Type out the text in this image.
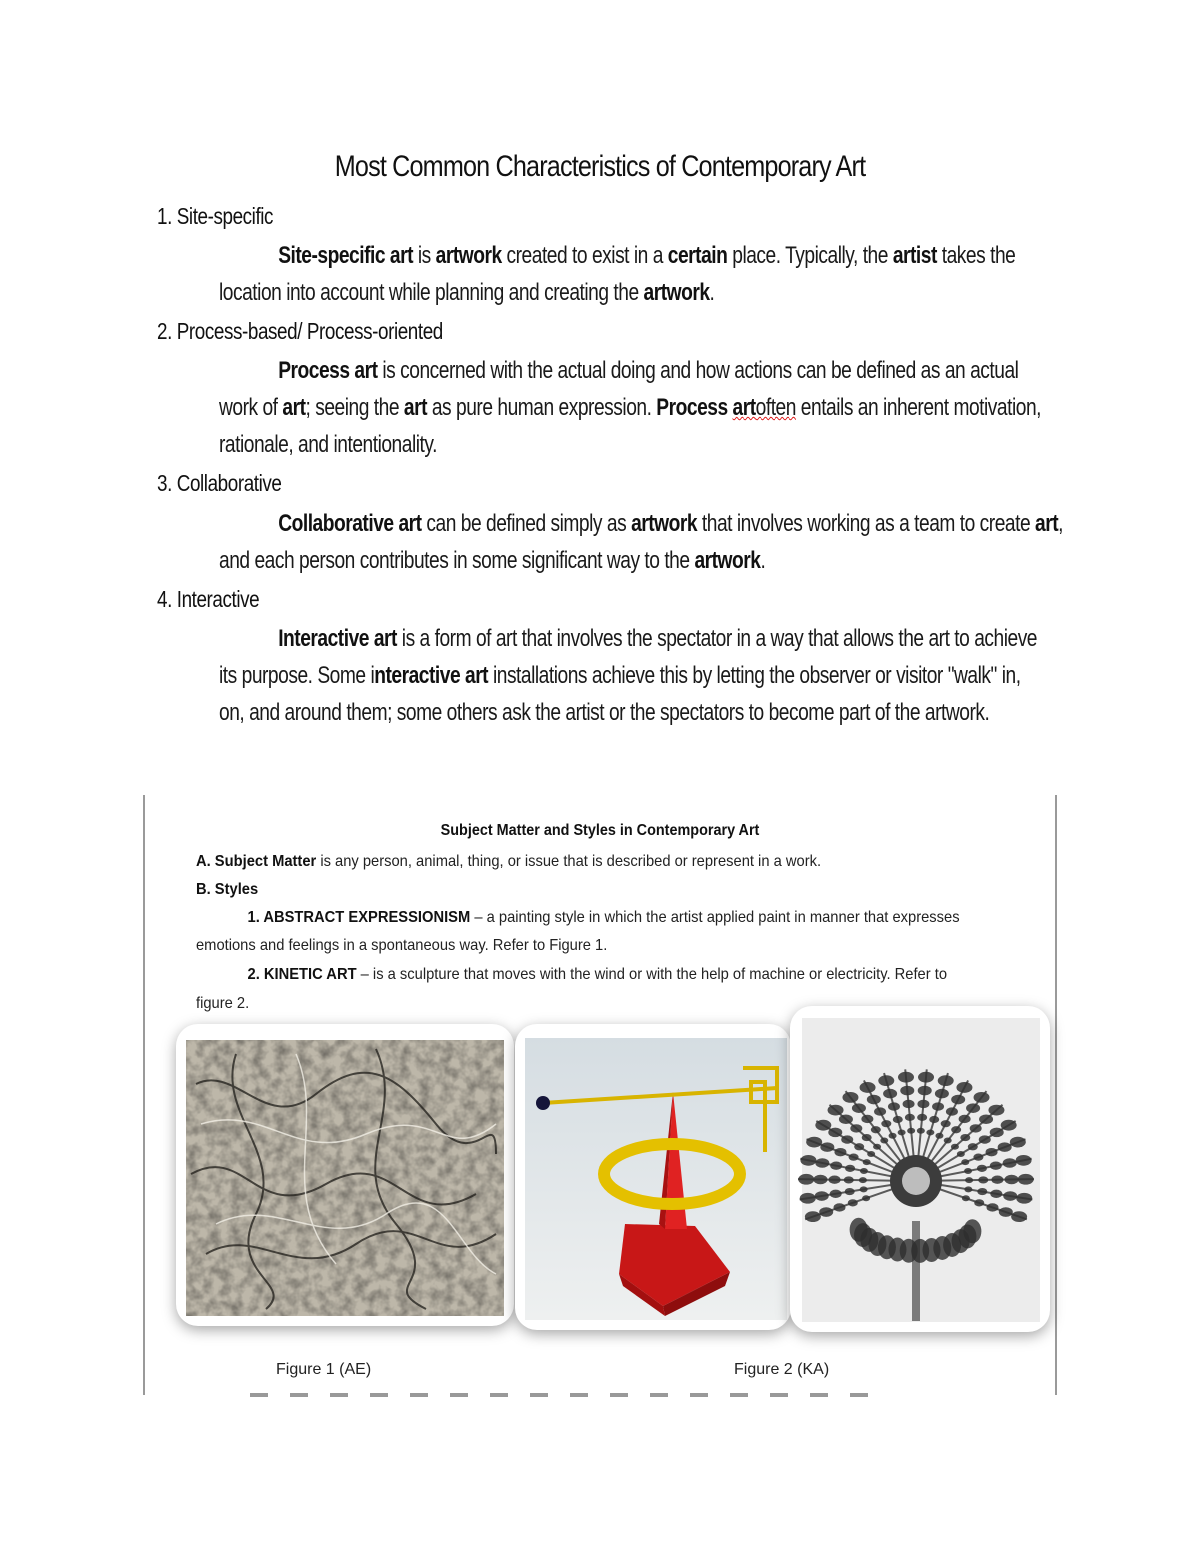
Most Common Characteristics of Contemporary Art
1. Site-specific
Site-specific art is artwork created to exist in a certain place. Typically, the artist takes the
location into account while planning and creating the artwork.
2. Process-based/ Process-oriented
Process art is concerned with the actual doing and how actions can be defined as an actual
work of art; seeing the art as pure human expression. Process artoften entails an inherent motivation,
rationale, and intentionality.
3. Collaborative
Collaborative art can be defined simply as artwork that involves working as a team to create art,
and each person contributes in some significant way to the artwork.
4. Interactive
Interactive art is a form of art that involves the spectator in a way that allows the art to achieve
its purpose. Some interactive art installations achieve this by letting the observer or visitor "walk" in,
on, and around them; some others ask the artist or the spectators to become part of the artwork.
Subject Matter and Styles in Contemporary Art
A. Subject Matter is any person, animal, thing, or issue that is described or represent in a work.
B. Styles
1. ABSTRACT EXPRESSIONISM – a painting style in which the artist applied paint in manner that expresses
emotions and feelings in a spontaneous way. Refer to Figure 1.
2. KINETIC ART – is a sculpture that moves with the wind or with the help of machine or electricity. Refer to
figure 2.
Figure 1 (AE)	Figure 2 (KA)
